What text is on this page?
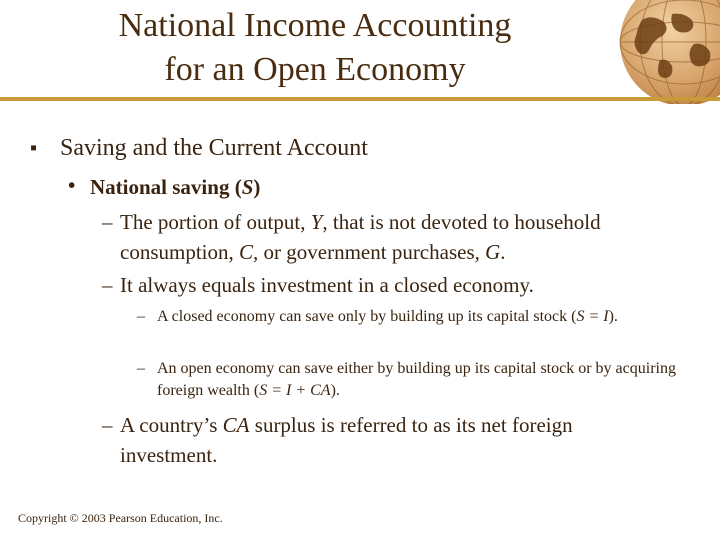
National Income Accounting
for an Open Economy
▪ Saving and the Current Account
• National saving (S)
– The portion of output, Y, that is not devoted to household consumption, C, or government purchases, G.
– It always equals investment in a closed economy.
– A closed economy can save only by building up its capital stock (S = I).
– An open economy can save either by building up its capital stock or by acquiring foreign wealth (S = I + CA).
– A country’s CA surplus is referred to as its net foreign investment.
Copyright © 2003 Pearson Education, Inc.
